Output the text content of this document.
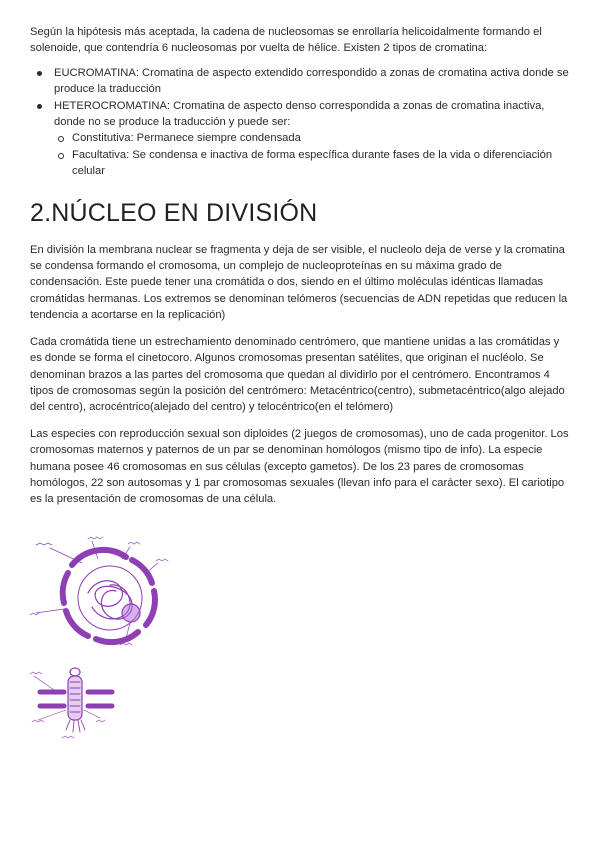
Según la hipótesis más aceptada, la cadena de nucleosomas se enrollaría helicoidalmente formando el solenoide, que contendría 6 nucleosomas por vuelta de hélice. Existen 2 tipos de cromatina:

EUCROMATINA: Cromatina de aspecto extendido correspondido a zonas de cromatina activa donde se produce la traducción
HETEROCROMATINA: Cromatina de aspecto denso correspondida a zonas de cromatina inactiva, donde no se produce la traducción y puede ser:
Constitutiva: Permanece siempre condensada
Facultativa: Se condensa e inactiva de forma específica durante fases de la vida o diferenciación celular
2.NÚCLEO EN DIVISIÓN

En división la membrana nuclear se fragmenta y deja de ser visible, el nucleolo deja de verse y la cromatina se condensa formando el cromosoma, un complejo de nucleoproteínas en su máxima grado de condensación. Este puede tener una cromátida o dos, siendo en el último moléculas idénticas llamadas cromátidas hermanas. Los extremos se denominan telómeros (secuencias de ADN repetidas que reducen la tendencia a acortarse en la replicación)

Cada cromátida tiene un estrechamiento denominado centrómero, que mantiene unidas a las cromátidas y es donde se forma el cinetocoro. Algunos cromosomas presentan satélites, que originan el nucléolo. Se denominan brazos a las partes del cromosoma que quedan al dividirlo por el centrómero. Encontramos 4 tipos de cromosomas según la posición del centrómero: Metacéntrico(centro), submetacéntrico(algo alejado del centro), acrocéntrico(alejado del centro) y telocéntrico(en el telómero)

Las especies con reproducción sexual son diploides (2 juegos de cromosomas), uno de cada progenitor. Los cromosomas maternos y paternos de un par se denominan homólogos (mismo tipo de info). La especie humana posee 46 cromosomas en sus células (excepto gametos). De los 23 pares de cromosomas homólogos, 22 son autosomas y 1 par cromosomas sexuales (llevan info para el carácter sexo). El cariotipo es la presentación de cromosomas de una célula.
